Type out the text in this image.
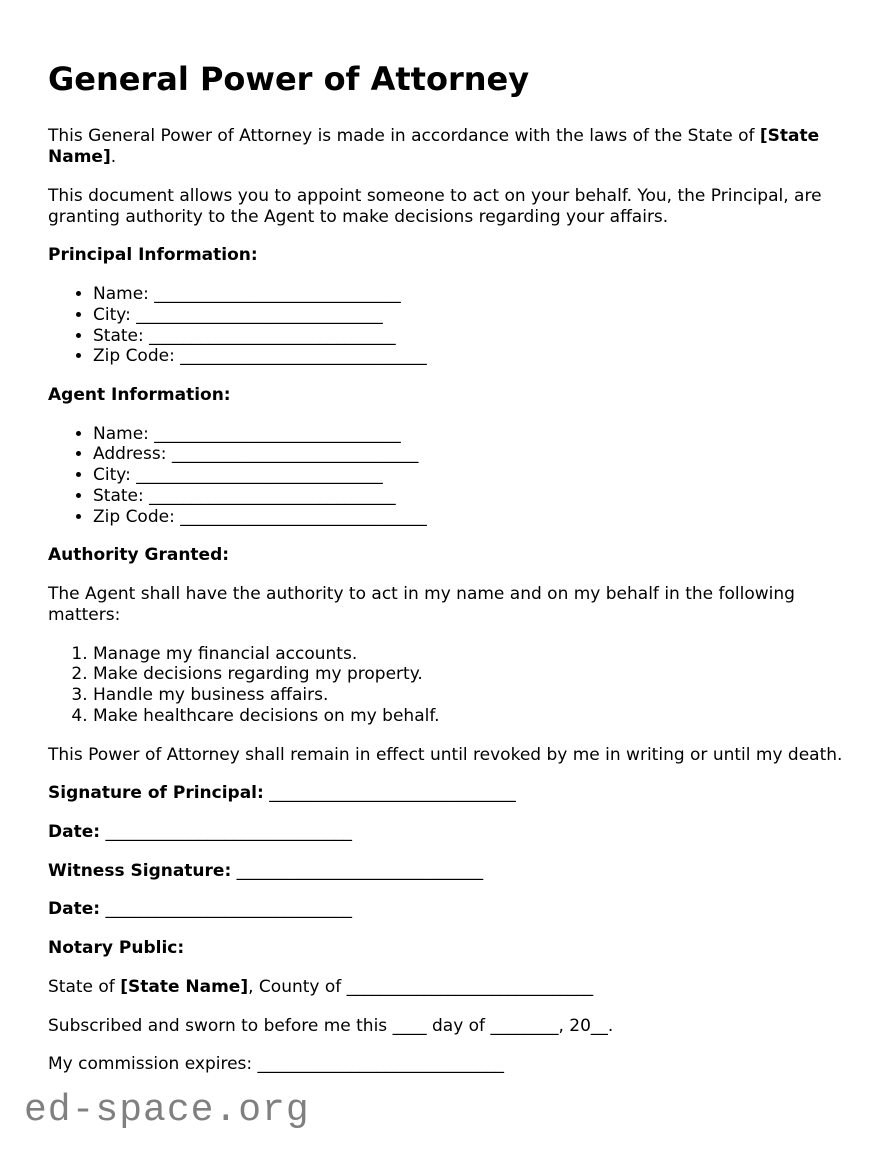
General Power of Attorney

This General Power of Attorney is made in accordance with the laws of the State of [State Name].

This document allows you to appoint someone to act on your behalf. You, the Principal, are granting authority to the Agent to make decisions regarding your affairs.

Principal Information:
• Name: _____________________________
• City: _____________________________
• State: _____________________________
• Zip Code: _____________________________
Agent Information:
• Name: _____________________________
• Address: _____________________________
• City: _____________________________
• State: _____________________________
• Zip Code: _____________________________
Authority Granted:

The Agent shall have the authority to act in my name and on my behalf in the following matters:

1. Manage my financial accounts.
2. Make decisions regarding my property.
3. Handle my business affairs.
4. Make healthcare decisions on my behalf.

This Power of Attorney shall remain in effect until revoked by me in writing or until my death.

Signature of Principal: _____________________________

Date: _____________________________

Witness Signature: _____________________________

Date: _____________________________

Notary Public:

State of [State Name], County of _____________________________

Subscribed and sworn to before me this ____ day of ________, 20__.

My commission expires: _____________________________

ed-space.org
